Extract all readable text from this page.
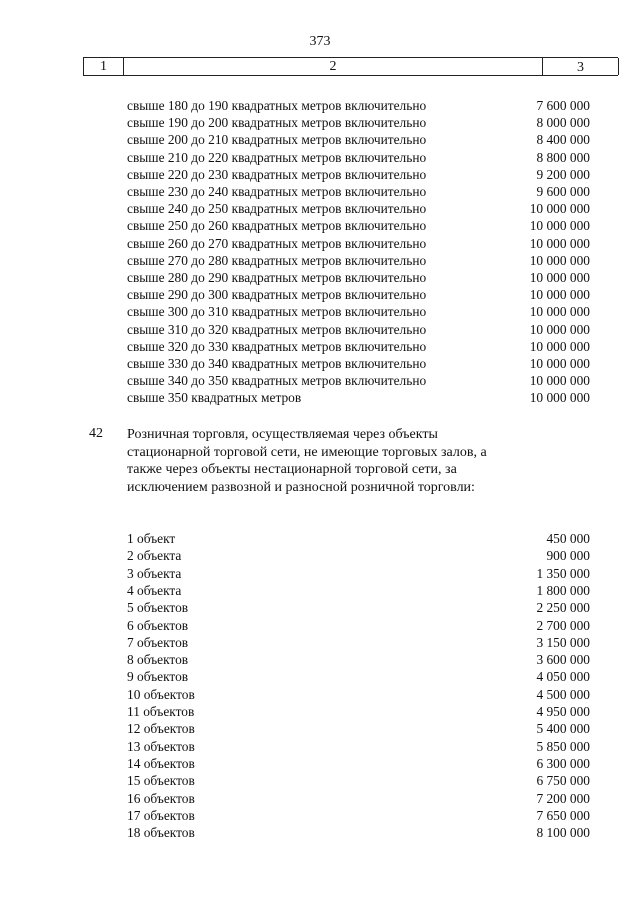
373
1	2	3
свыше 180 до 190 квадратных метров включительно	7 600 000
свыше 190 до 200 квадратных метров включительно	8 000 000
свыше 200 до 210 квадратных метров включительно	8 400 000
свыше 210 до 220 квадратных метров включительно	8 800 000
свыше 220 до 230 квадратных метров включительно	9 200 000
свыше 230 до 240 квадратных метров включительно	9 600 000
свыше 240 до 250 квадратных метров включительно	10 000 000
свыше 250 до 260 квадратных метров включительно	10 000 000
свыше 260 до 270 квадратных метров включительно	10 000 000
свыше 270 до 280 квадратных метров включительно	10 000 000
свыше 280 до 290 квадратных метров включительно	10 000 000
свыше 290 до 300 квадратных метров включительно	10 000 000
свыше 300 до 310 квадратных метров включительно	10 000 000
свыше 310 до 320 квадратных метров включительно	10 000 000
свыше 320 до 330 квадратных метров включительно	10 000 000
свыше 330 до 340 квадратных метров включительно	10 000 000
свыше 340 до 350 квадратных метров включительно	10 000 000
свыше 350 квадратных метров	10 000 000
42 Розничная торговля, осуществляемая через объекты стационарной торговой сети, не имеющие торговых залов, а также через объекты нестационарной торговой сети, за исключением развозной и разносной розничной торговли:
1 объект	450 000
2 объекта	900 000
3 объекта	1 350 000
4 объекта	1 800 000
5 объектов	2 250 000
6 объектов	2 700 000
7 объектов	3 150 000
8 объектов	3 600 000
9 объектов	4 050 000
10 объектов	4 500 000
11 объектов	4 950 000
12 объектов	5 400 000
13 объектов	5 850 000
14 объектов	6 300 000
15 объектов	6 750 000
16 объектов	7 200 000
17 объектов	7 650 000
18 объектов	8 100 000
